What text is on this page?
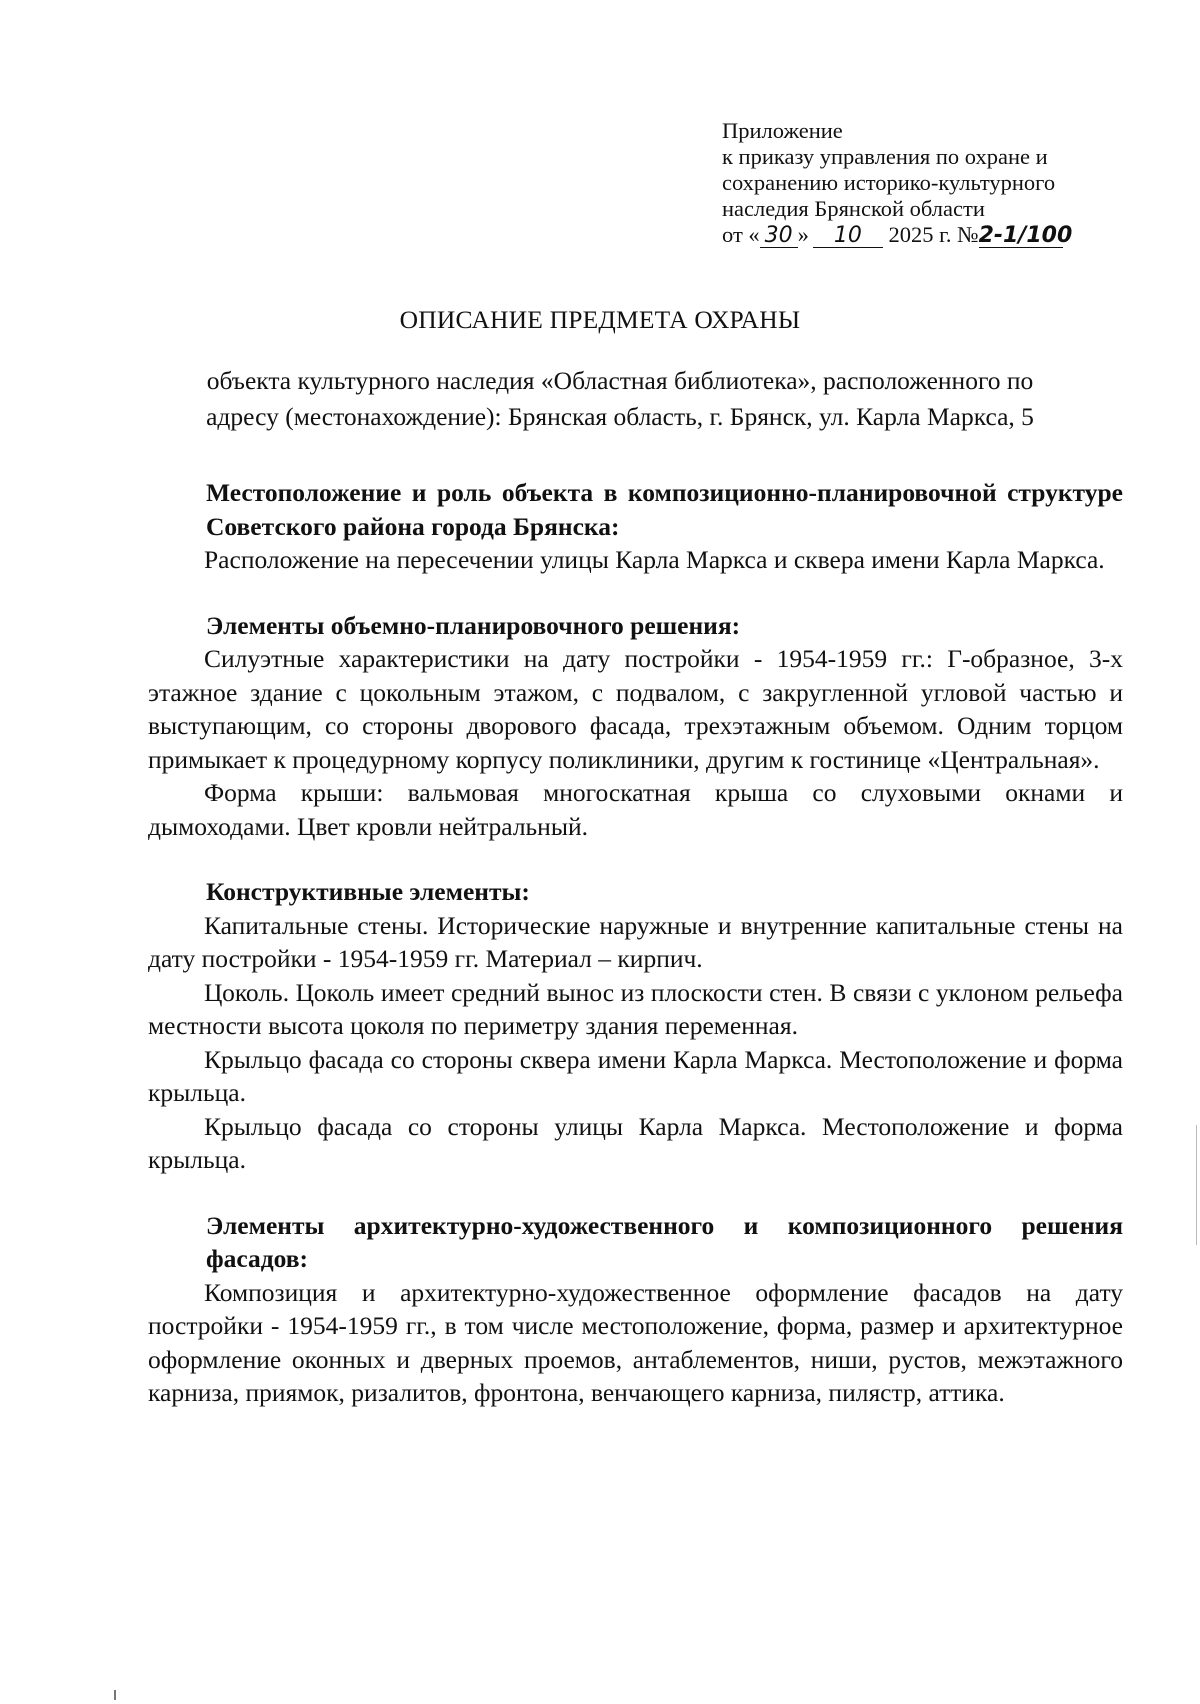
Приложение
к приказу управления по охране и
сохранению историко-культурного
наследия Брянской области
от « 30 » 10 2025 г. №2-1/100
ОПИСАНИЕ ПРЕДМЕТА ОХРАНЫ
объекта культурного наследия «Областная библиотека», расположенного по
адресу (местонахождение): Брянская область, г. Брянск, ул. Карла Маркса, 5
Местоположение и роль объекта в композиционно-планировочной структуре Советского района города Брянска:

Расположение на пересечении улицы Карла Маркса и сквера имени Карла Маркса.

Элементы объемно-планировочного решения:

Силуэтные характеристики на дату постройки - 1954-1959 гг.: Г-образное, 3-х этажное здание с цокольным этажом, с подвалом, с закругленной угловой частью и выступающим, со стороны дворового фасада, трехэтажным объемом. Одним торцом примыкает к процедурному корпусу поликлиники, другим к гостинице «Центральная».

Форма крыши: вальмовая многоскатная крыша со слуховыми окнами и дымоходами. Цвет кровли нейтральный.

Конструктивные элементы:

Капитальные стены. Исторические наружные и внутренние капитальные стены на дату постройки - 1954-1959 гг. Материал – кирпич.

Цоколь. Цоколь имеет средний вынос из плоскости стен. В связи с уклоном рельефа местности высота цоколя по периметру здания переменная.

Крыльцо фасада со стороны сквера имени Карла Маркса. Местоположение и форма крыльца.

Крыльцо фасада со стороны улицы Карла Маркса. Местоположение и форма крыльца.

Элементы архитектурно-художественного и композиционного решения фасадов:

Композиция и архитектурно-художественное оформление фасадов на дату постройки - 1954-1959 гг., в том числе местоположение, форма, размер и архитектурное оформление оконных и дверных проемов, антаблементов, ниши, рустов, межэтажного карниза, приямок, ризалитов, фронтона, венчающего карниза, пилястр, аттика.
